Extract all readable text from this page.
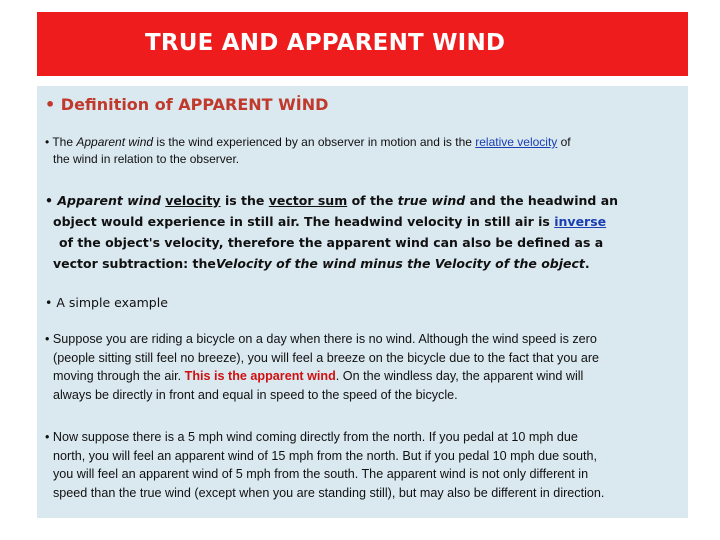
TRUE AND APPARENT WIND

• Definition of APPARENT WİND

• The Apparent wind is the wind experienced by an observer in motion and is the relative velocity of
the wind in relation to the observer.

• Apparent wind velocity is the vector sum of the true wind and the headwind an
object would experience in still air. The headwind velocity in still air is inverse
of the object's velocity, therefore the apparent wind can also be defined as a
vector subtraction: theVelocity of the wind minus the Velocity of the object.

• A simple example

• Suppose you are riding a bicycle on a day when there is no wind. Although the wind speed is zero
(people sitting still feel no breeze), you will feel a breeze on the bicycle due to the fact that you are
moving through the air. This is the apparent wind. On the windless day, the apparent wind will
always be directly in front and equal in speed to the speed of the bicycle.

• Now suppose there is a 5 mph wind coming directly from the north. If you pedal at 10 mph due
north, you will feel an apparent wind of 15 mph from the north. But if you pedal 10 mph due south,
you will feel an apparent wind of 5 mph from the south. The apparent wind is not only different in
speed than the true wind (except when you are standing still), but may also be different in direction.
